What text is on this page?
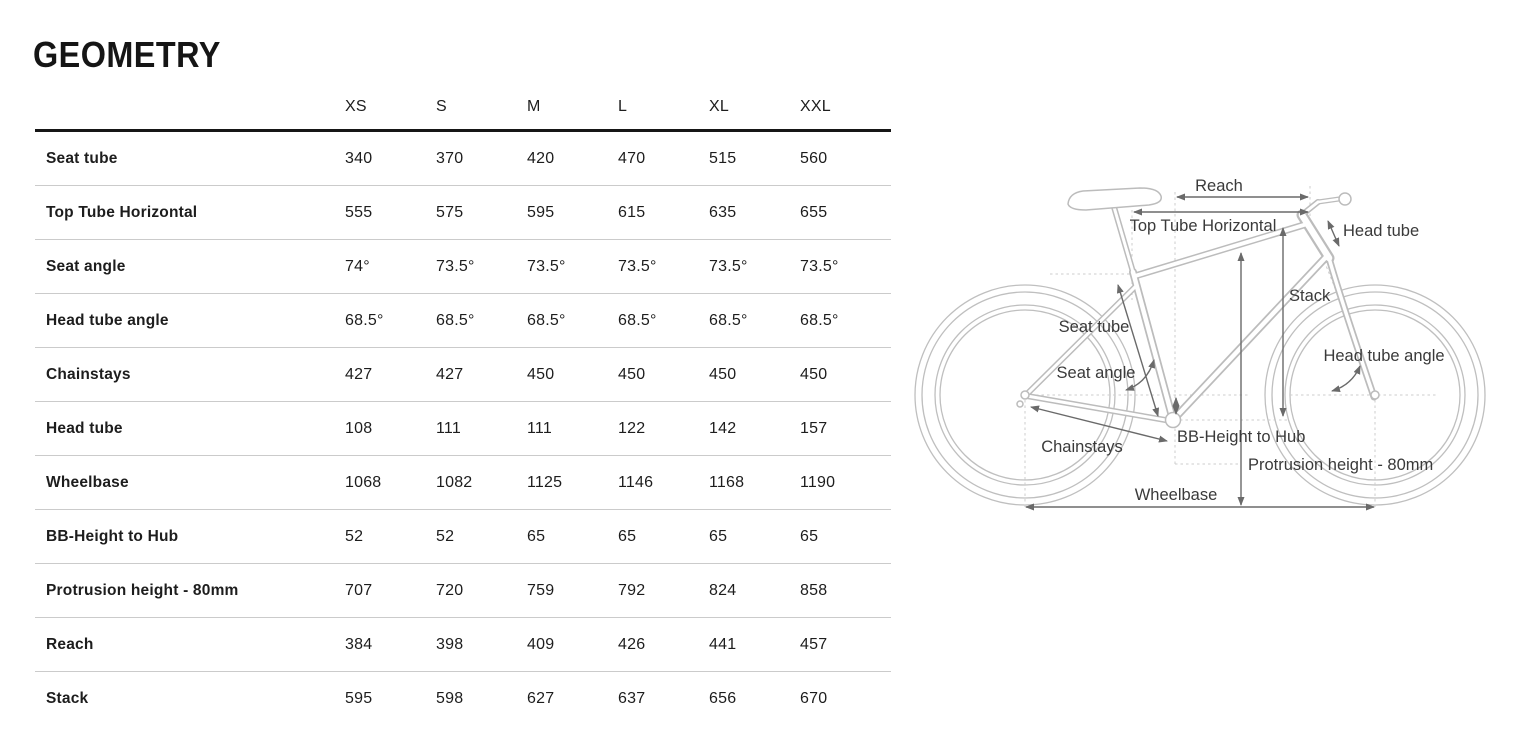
GEOMETRY
	XS	S	M	L	XL	XXL
Seat tube	340	370	420	470	515	560
Top Tube Horizontal	555	575	595	615	635	655
Seat angle	74°	73.5°	73.5°	73.5°	73.5°	73.5°
Head tube angle	68.5°	68.5°	68.5°	68.5°	68.5°	68.5°
Chainstays	427	427	450	450	450	450
Head tube	108	111	111	122	142	157
Wheelbase	1068	1082	1125	1146	1168	1190
BB-Height to Hub	52	52	65	65	65	65
Protrusion height - 80mm	707	720	759	792	824	858
Reach	384	398	409	426	441	457
Stack	595	598	627	637	656	670
Reach
Top Tube Horizontal	Head tube
Stack
Seat tube
Seat angle
Head tube angle
Chainstays
BB-Height to Hub
Protrusion height - 80mm
Wheelbase
